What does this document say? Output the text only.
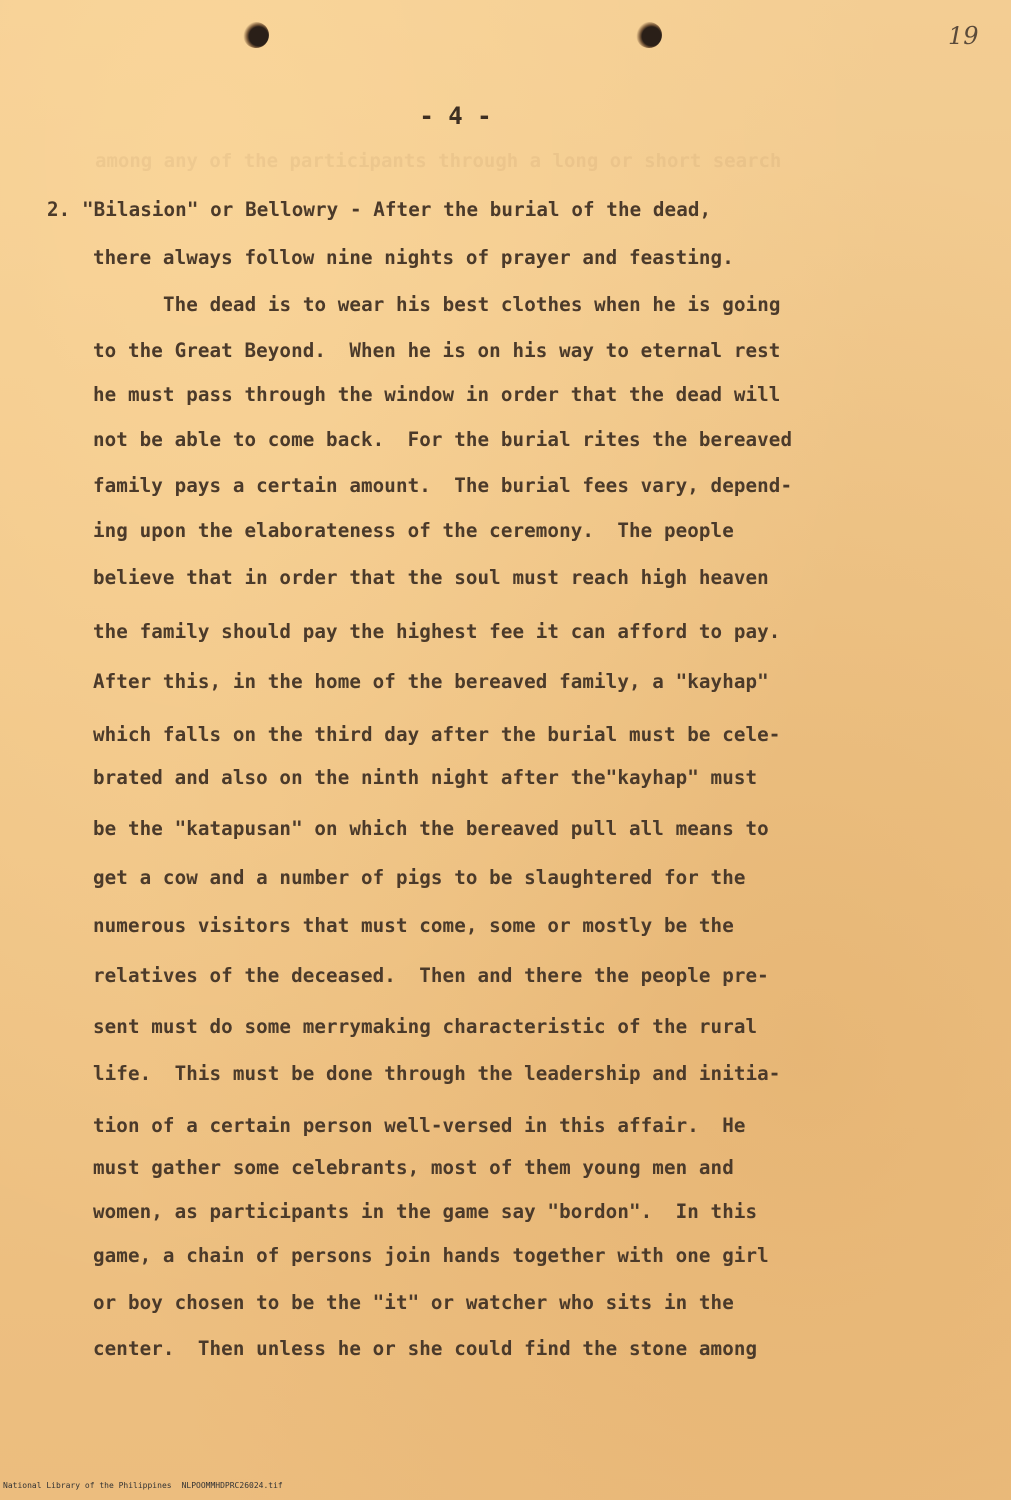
19
- 4 -
among any of the participants through a long or short search
2. "Bilasion" or Bellowry - After the burial of the dead,
there always follow nine nights of prayer and feasting.
The dead is to wear his best clothes when he is going
to the Great Beyond.  When he is on his way to eternal rest
he must pass through the window in order that the dead will
not be able to come back.  For the burial rites the bereaved
family pays a certain amount.  The burial fees vary, depend-
ing upon the elaborateness of the ceremony.  The people
believe that in order that the soul must reach high heaven
the family should pay the highest fee it can afford to pay.
After this, in the home of the bereaved family, a "kayhap"
which falls on the third day after the burial must be cele-
brated and also on the ninth night after the"kayhap" must
be the "katapusan" on which the bereaved pull all means to
get a cow and a number of pigs to be slaughtered for the
numerous visitors that must come, some or mostly be the
relatives of the deceased.  Then and there the people pre-
sent must do some merrymaking characteristic of the rural
life.  This must be done through the leadership and initia-
tion of a certain person well-versed in this affair.  He
must gather some celebrants, most of them young men and
women, as participants in the game say "bordon".  In this
game, a chain of persons join hands together with one girl
or boy chosen to be the "it" or watcher who sits in the
center.  Then unless he or she could find the stone among
National Library of the Philippines NLPOOMMHDPRC26024.tif
